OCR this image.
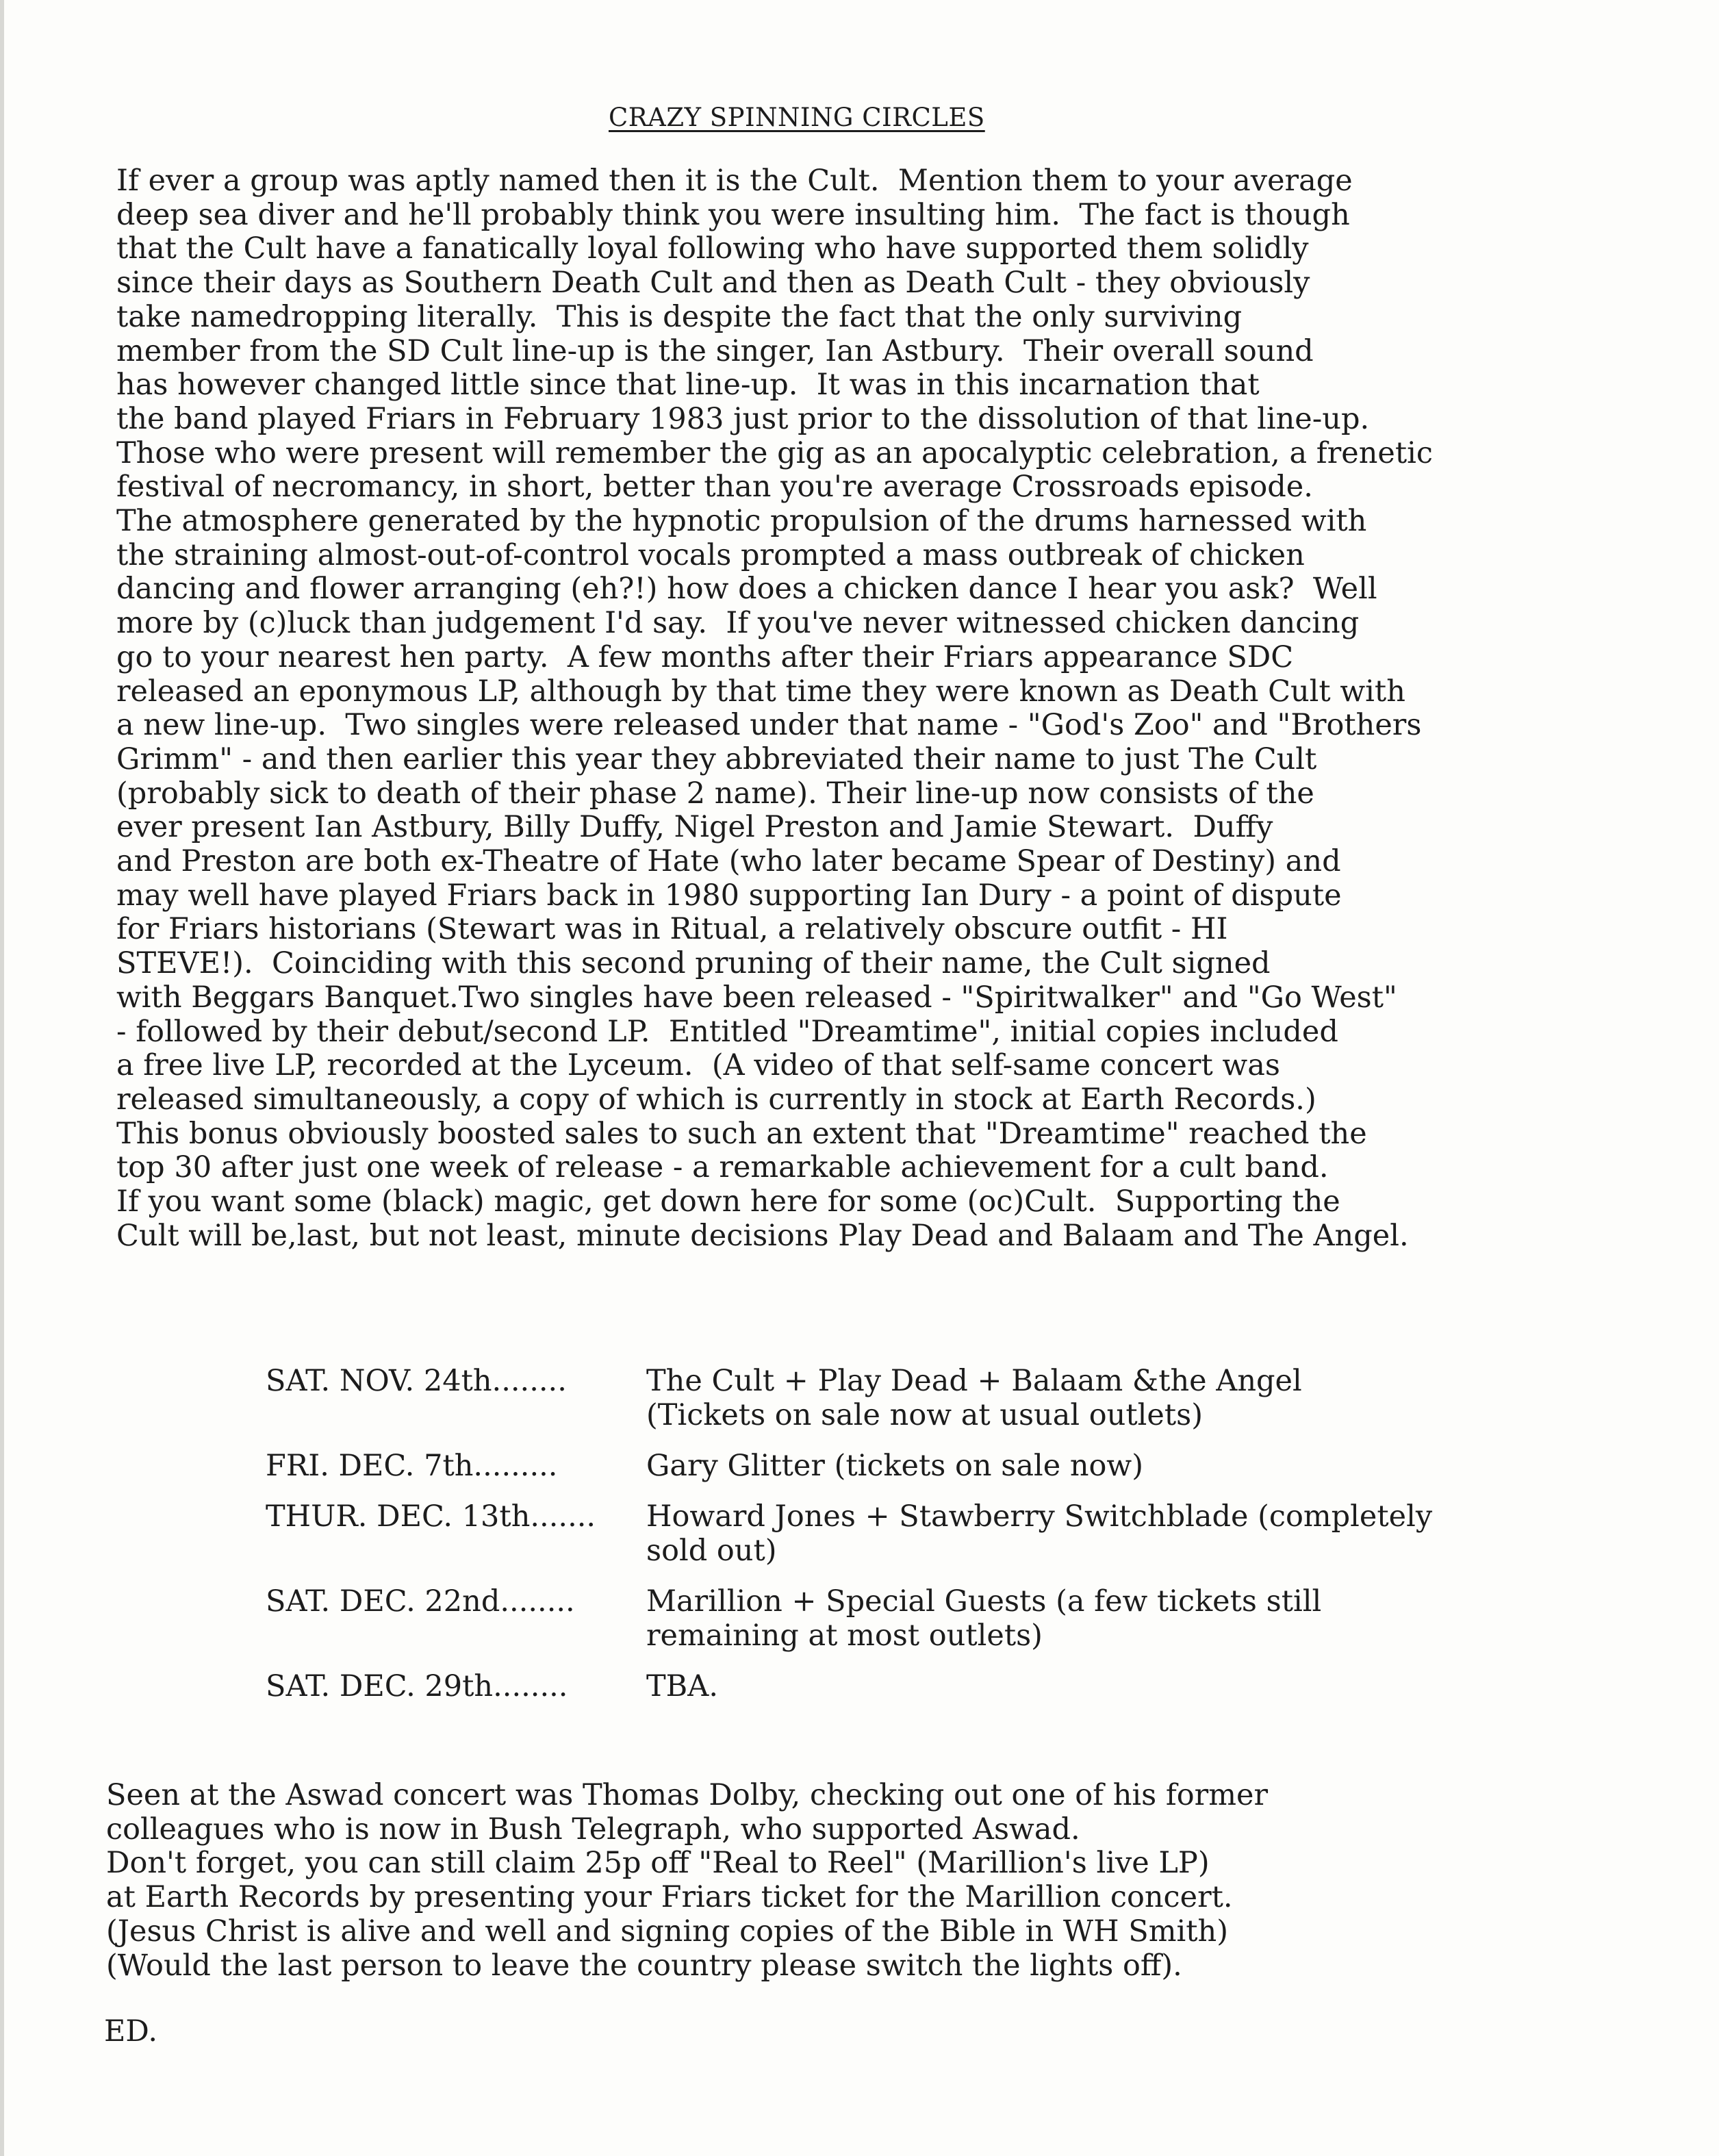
CRAZY SPINNING CIRCLES
If ever a group was aptly named then it is the Cult.  Mention them to your average
deep sea diver and he'll probably think you were insulting him.  The fact is though
that the Cult have a fanatically loyal following who have supported them solidly
since their days as Southern Death Cult and then as Death Cult - they obviously
take namedropping literally.  This is despite the fact that the only surviving
member from the SD Cult line-up is the singer, Ian Astbury.  Their overall sound
has however changed little since that line-up.  It was in this incarnation that
the band played Friars in February 1983 just prior to the dissolution of that line-up.
Those who were present will remember the gig as an apocalyptic celebration, a frenetic
festival of necromancy, in short, better than you're average Crossroads episode.
The atmosphere generated by the hypnotic propulsion of the drums harnessed with
the straining almost-out-of-control vocals prompted a mass outbreak of chicken
dancing and flower arranging (eh?!) how does a chicken dance I hear you ask?  Well
more by (c)luck than judgement I'd say.  If you've never witnessed chicken dancing
go to your nearest hen party.  A few months after their Friars appearance SDC
released an eponymous LP, although by that time they were known as Death Cult with
a new line-up.  Two singles were released under that name - "God's Zoo" and "Brothers
Grimm" - and then earlier this year they abbreviated their name to just The Cult
(probably sick to death of their phase 2 name). Their line-up now consists of the
ever present Ian Astbury, Billy Duffy, Nigel Preston and Jamie Stewart.  Duffy
and Preston are both ex-Theatre of Hate (who later became Spear of Destiny) and
may well have played Friars back in 1980 supporting Ian Dury - a point of dispute
for Friars historians (Stewart was in Ritual, a relatively obscure outfit - HI
STEVE!).  Coinciding with this second pruning of their name, the Cult signed
with Beggars Banquet.Two singles have been released - "Spiritwalker" and "Go West"
- followed by their debut/second LP.  Entitled "Dreamtime", initial copies included
a free live LP, recorded at the Lyceum.  (A video of that self-same concert was
released simultaneously, a copy of which is currently in stock at Earth Records.)
This bonus obviously boosted sales to such an extent that "Dreamtime" reached the
top 30 after just one week of release - a remarkable achievement for a cult band.
If you want some (black) magic, get down here for some (oc)Cult.  Supporting the
Cult will be,last, but not least, minute decisions Play Dead and Balaam and The Angel.
SAT. NOV. 24th........	The Cult + Play Dead + Balaam &the Angel
(Tickets on sale now at usual outlets)
FRI. DEC. 7th.........	Gary Glitter (tickets on sale now)
THUR. DEC. 13th.......	Howard Jones + Stawberry Switchblade (completely
sold out)
SAT. DEC. 22nd........	Marillion + Special Guests (a few tickets still
remaining at most outlets)
SAT. DEC. 29th........	TBA.
Seen at the Aswad concert was Thomas Dolby, checking out one of his former
colleagues who is now in Bush Telegraph, who supported Aswad.
Don't forget, you can still claim 25p off "Real to Reel" (Marillion's live LP)
at Earth Records by presenting your Friars ticket for the Marillion concert.
(Jesus Christ is alive and well and signing copies of the Bible in WH Smith)
(Would the last person to leave the country please switch the lights off).
ED.
